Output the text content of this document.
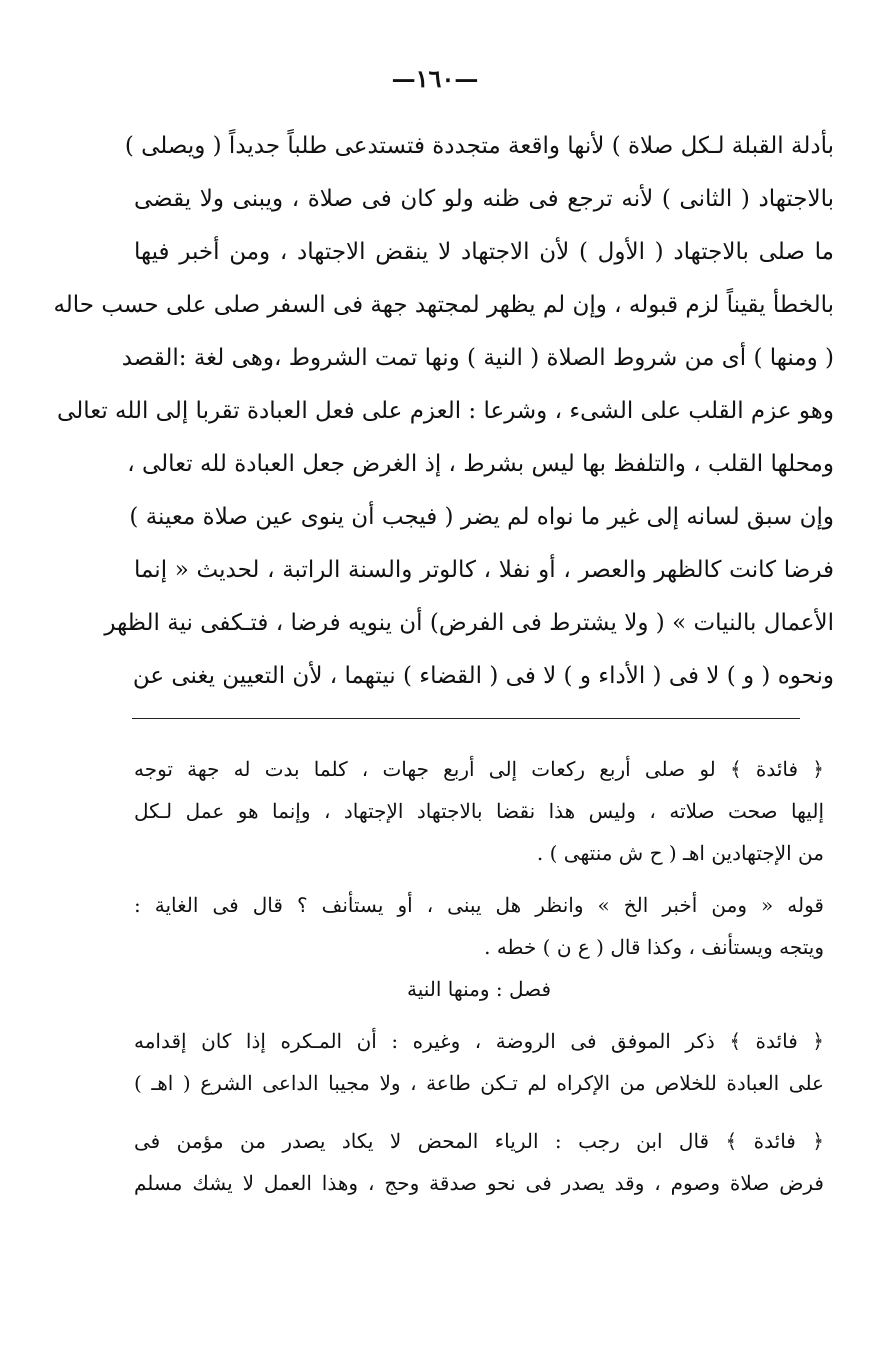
—١٦٠—
بأدلة القبلة لـكل صلاة ) لأنها واقعة متجددة فتستدعى طلباً جديداً ( ويصلى )
بالاجتهاد ( الثانى ) لأنه ترجع فى ظنه ولو كان فى صلاة ، ويبنى ولا يقضى
ما صلى بالاجتهاد ( الأول ) لأن الاجتهاد لا ينقض الاجتهاد ، ومن أخبر فيها
بالخطأ يقيناً لزم قبوله ، وإن لم يظهر لمجتهد جهة فى السفر صلى على حسب حاله
( ومنها ) أى من شروط الصلاة ( النية ) ونها تمت الشروط ،وهى لغة :القصد
وهو عزم القلب على الشىء ، وشرعا : العزم على فعل العبادة تقربا إلى الله تعالى
ومحلها القلب ، والتلفظ بها ليس بشرط ، إذ الغرض جعل العبادة لله تعالى ،
وإن سبق لسانه إلى غير ما نواه لم يضر ( فيجب أن ينوى عين صلاة معينة )
فرضا كانت كالظهر والعصر ، أو نفلا ، كالوتر والسنة الراتبة ، لحديث « إنما
الأعمال بالنيات » ( ولا يشترط فى الفرض) أن ينويه فرضا ، فتـكفى نية الظهر
ونحوه ( و ) لا فى ( الأداء و ) لا فى ( القضاء ) نيتهما ، لأن التعيين يغنى عن
﴿ فائدة ﴾ لو صلى أربع ركعات إلى أربع جهات ، كلما بدت له جهة توجه
إليها صحت صلاته ، وليس هذا نقضا بالاجتهاد الإجتهاد ، وإنما هو عمل لـكل
من الإجتهادين اهـ ( ح ش منتهى ) .
قوله « ومن أخبر الخ » وانظر هل يبنى ، أو يستأنف ؟ قال فى الغاية :
ويتجه ويستأنف ، وكذا قال ( ع ن ) خطه .
فصل : ومنها النية
﴿ فائدة ﴾ ذكر الموفق فى الروضة ، وغيره : أن المـكره إذا كان إقدامه
على العبادة للخلاص من الإكراه لم تـكن طاعة ، ولا مجيبا الداعى الشرع ( اهـ )
﴿ فائدة ﴾ قال ابن رجب : الرياء المحض لا يكاد يصدر من مؤمن فى
فرض صلاة وصوم ، وقد يصدر فى نحو صدقة وحج ، وهذا العمل لا يشك مسلم
